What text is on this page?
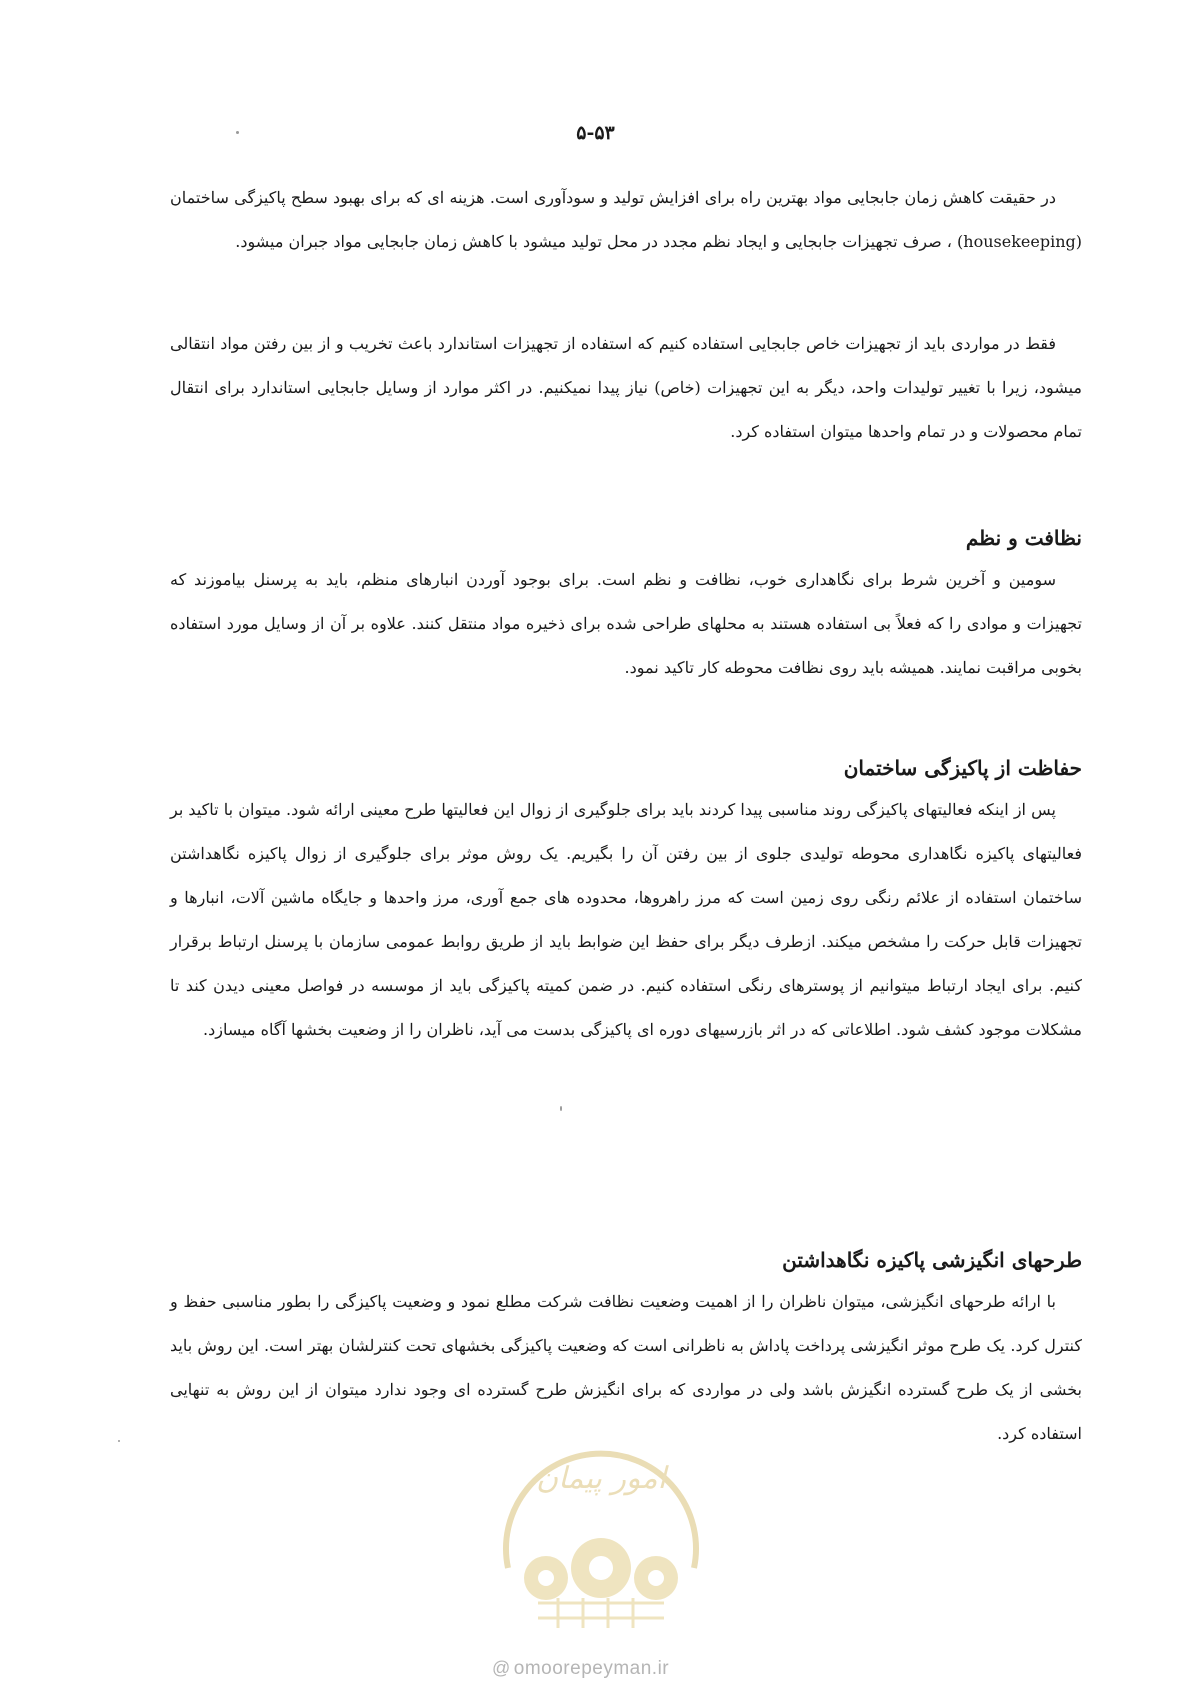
۵-۵۳

در حقیقت کاهش زمان جابجایی مواد بهترین راه برای افزایش تولید و سودآوری است. هزینه ای که برای بهبود سطح پاکیزگی ساختمان (housekeeping) ، صرف تجهیزات جابجایی و ایجاد نظم مجدد در محل تولید میشود با کاهش زمان جابجایی مواد جبران میشود.

فقط در مواردی باید از تجهیزات خاص جابجایی استفاده کنیم که استفاده از تجهیزات استاندارد باعث تخریب و از بین رفتن مواد انتقالی میشود، زیرا با تغییر تولیدات واحد، دیگر به این تجهیزات (خاص) نیاز پیدا نمیکنیم. در اکثر موارد از وسایل جابجایی استاندارد برای انتقال تمام محصولات و در تمام واحدها میتوان استفاده کرد.

نظافت و نظم

سومین و آخرین شرط برای نگاهداری خوب، نظافت و نظم است. برای بوجود آوردن انبارهای منظم، باید به پرسنل بیاموزند که تجهیزات و موادی را که فعلاً بی استفاده هستند به محلهای طراحی شده برای ذخیره مواد منتقل کنند. علاوه بر آن از وسایل مورد استفاده بخوبی مراقبت نمایند. همیشه باید روی نظافت محوطه کار تاکید نمود.

حفاظت از پاکیزگی ساختمان

پس از اینکه فعالیتهای پاکیزگی روند مناسبی پیدا کردند باید برای جلوگیری از زوال این فعالیتها طرح معینی ارائه شود. میتوان با تاکید بر فعالیتهای پاکیزه نگاهداری محوطه تولیدی جلوی از بین رفتن آن را بگیریم. یک روش موثر برای جلوگیری از زوال پاکیزه نگاهداشتن ساختمان استفاده از علائم رنگی روی زمین است که مرز راهروها، محدوده های جمع آوری، مرز واحدها و جایگاه ماشین آلات، انبارها و تجهیزات قابل حرکت را مشخص میکند. ازطرف دیگر برای حفظ این ضوابط باید از طریق روابط عمومی سازمان با پرسنل ارتباط برقرار کنیم. برای ایجاد ارتباط میتوانیم از پوسترهای رنگی استفاده کنیم. در ضمن کمیته پاکیزگی باید از موسسه در فواصل معینی دیدن کند تا مشکلات موجود کشف شود. اطلاعاتی که در اثر بازرسیهای دوره ای پاکیزگی بدست می آید، ناظران را از وضعیت بخشها آگاه میسازد.

طرحهای انگیزشی پاکیزه نگاهداشتن

با ارائه طرحهای انگیزشی، میتوان ناظران را از اهمیت وضعیت نظافت شرکت مطلع نمود و وضعیت پاکیزگی را بطور مناسبی حفظ و کنترل کرد. یک طرح موثر انگیزشی پرداخت پاداش به ناظرانی است که وضعیت پاکیزگی بخشهای تحت کنترلشان بهتر است. این روش باید بخشی از یک طرح گسترده انگیزش باشد ولی در مواردی که برای انگیزش طرح گسترده ای وجود ندارد میتوان از این روش به تنهایی استفاده کرد.

امور پیمان
@ omoorepeyman.ir
